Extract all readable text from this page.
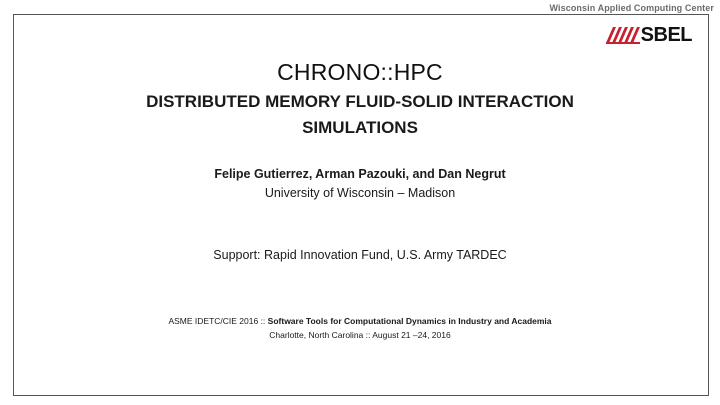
Wisconsin Applied Computing Center
SBEL
CHRONO::HPC
DISTRIBUTED MEMORY FLUID-SOLID INTERACTION SIMULATIONS
Felipe Gutierrez, Arman Pazouki, and Dan Negrut
University of Wisconsin – Madison
Support: Rapid Innovation Fund, U.S. Army TARDEC
ASME IDETC/CIE 2016 :: Software Tools for Computational Dynamics in Industry and Academia
Charlotte, North Carolina :: August 21 –24, 2016
